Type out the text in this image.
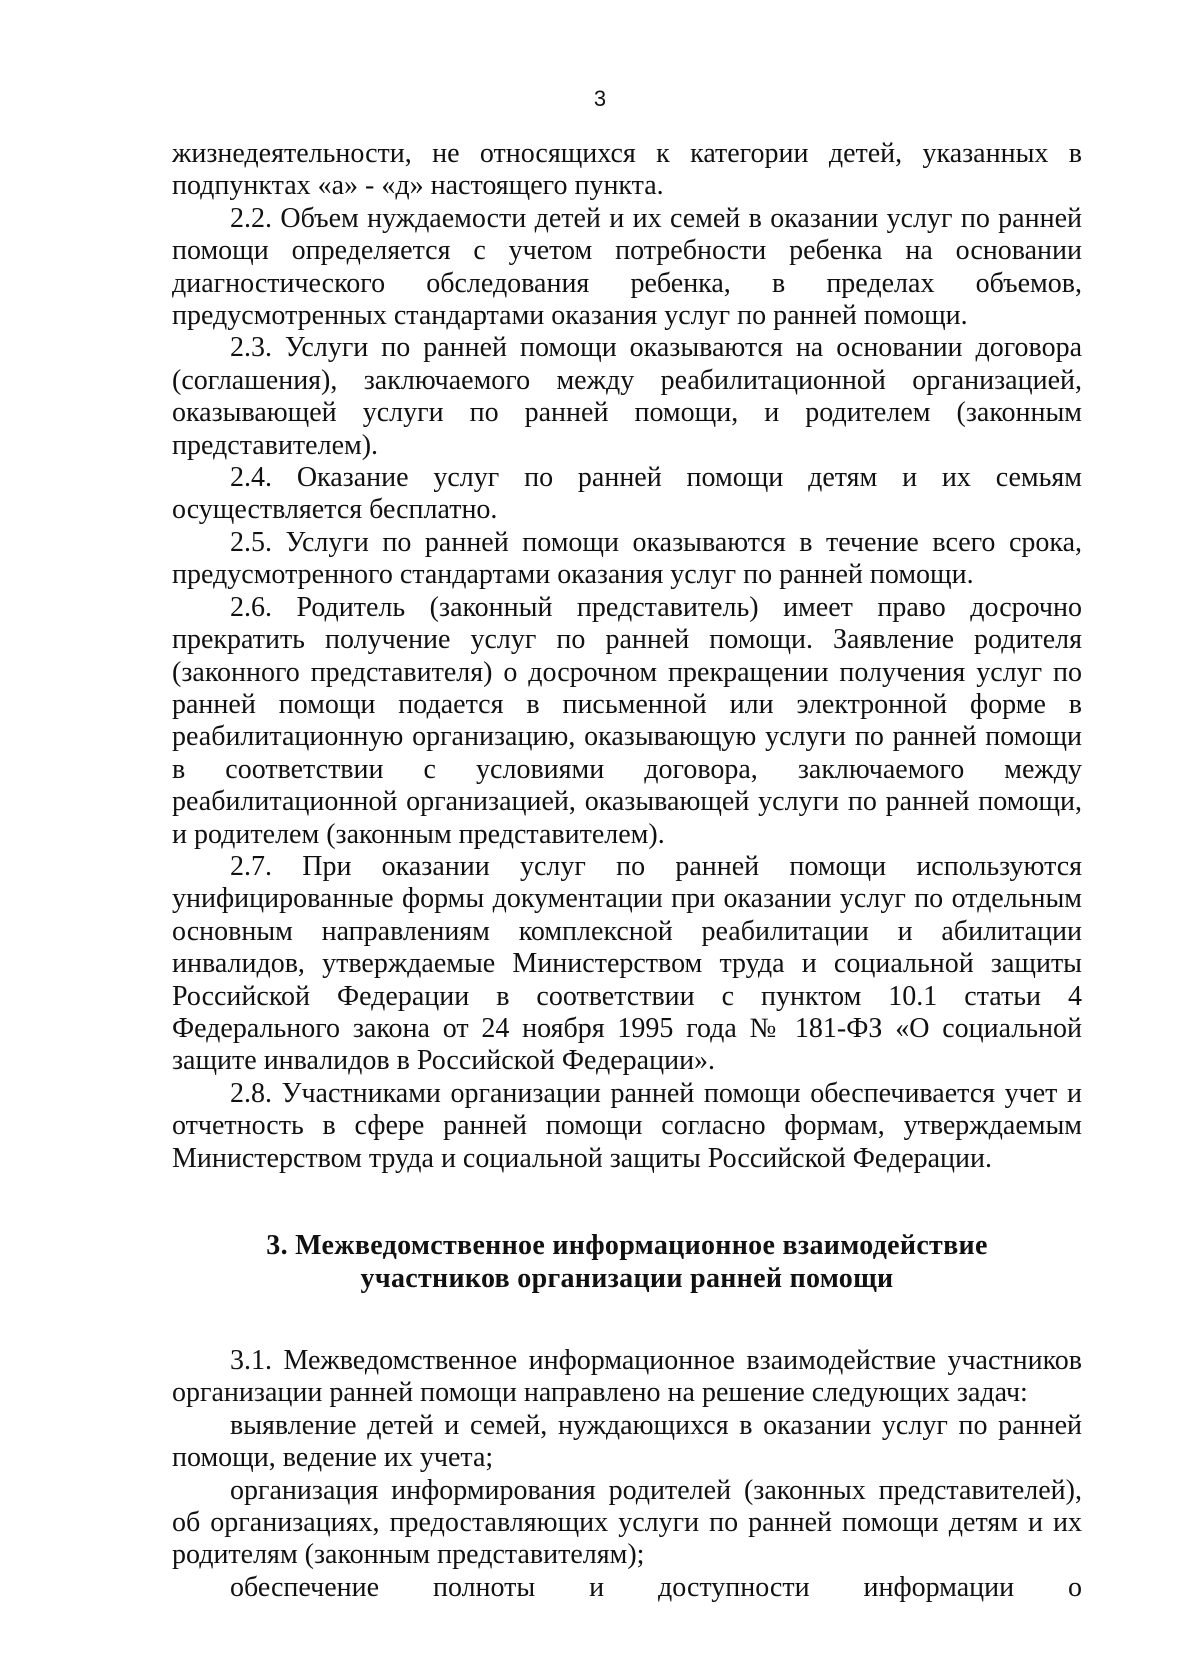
3

жизнедеятельности, не относящихся к категории детей, указанных в подпунктах «а» - «д» настоящего пункта.

2.2. Объем нуждаемости детей и их семей в оказании услуг по ранней помощи определяется с учетом потребности ребенка на основании диагностического обследования ребенка, в пределах объемов, предусмотренных стандартами оказания услуг по ранней помощи.

2.3. Услуги по ранней помощи оказываются на основании договора (соглашения), заключаемого между реабилитационной организацией, оказывающей услуги по ранней помощи, и родителем (законным представителем).

2.4. Оказание услуг по ранней помощи детям и их семьям осуществляется бесплатно.

2.5. Услуги по ранней помощи оказываются в течение всего срока, предусмотренного стандартами оказания услуг по ранней помощи.

2.6. Родитель (законный представитель) имеет право досрочно прекратить получение услуг по ранней помощи. Заявление родителя (законного представителя) о досрочном прекращении получения услуг по ранней помощи подается в письменной или электронной форме в реабилитационную организацию, оказывающую услуги по ранней помощи в соответствии с условиями договора, заключаемого между реабилитационной организацией, оказывающей услуги по ранней помощи, и родителем (законным представителем).

2.7. При оказании услуг по ранней помощи используются унифицированные формы документации при оказании услуг по отдельным основным направлениям комплексной реабилитации и абилитации инвалидов, утверждаемые Министерством труда и социальной защиты Российской Федерации в соответствии с пунктом 10.1 статьи 4 Федерального закона от 24 ноября 1995 года № 181-ФЗ «О социальной защите инвалидов в Российской Федерации».

2.8. Участниками организации ранней помощи обеспечивается учет и отчетность в сфере ранней помощи согласно формам, утверждаемым Министерством труда и социальной защиты Российской Федерации.

3. Межведомственное информационное взаимодействие
участников организации ранней помощи

3.1. Межведомственное информационное взаимодействие участников организации ранней помощи направлено на решение следующих задач:

выявление детей и семей, нуждающихся в оказании услуг по ранней помощи, ведение их учета;

организация информирования родителей (законных представителей), об организациях, предоставляющих услуги по ранней помощи детям и их родителям (законным представителям);

обеспечение полноты и доступности информации о
